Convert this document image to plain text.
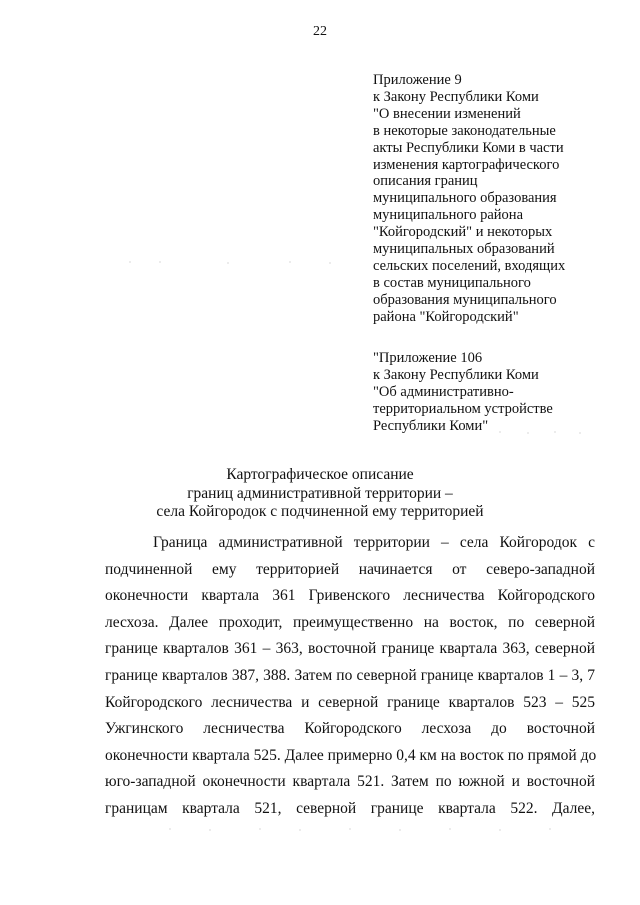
22
Приложение 9
к Закону Республики Коми
"О внесении изменений
в некоторые законодательные
акты Республики Коми в части
изменения картографического
описания границ
муниципального образования
муниципального района
"Койгородский" и некоторых
муниципальных образований
сельских поселений, входящих
в состав муниципального
образования муниципального
района "Койгородский"
"Приложение 106
к Закону Республики Коми
"Об административно-
территориальном устройстве
Республики Коми"
Картографическое описание
границ административной территории –
села Койгородок с подчиненной ему территорией
Граница административной территории – села Койгородок с
подчиненной ему территорией начинается от северо-западной
оконечности квартала 361 Гривенского лесничества Койгородского
лесхоза. Далее проходит, преимущественно на восток, по северной
границе кварталов 361 – 363, восточной границе квартала 363, северной
границе кварталов 387, 388. Затем по северной границе кварталов 1 – 3, 7
Койгородского лесничества и северной границе кварталов 523 – 525
Ужгинского лесничества Койгородского лесхоза до восточной
оконечности квартала 525. Далее примерно 0,4 км на восток по прямой до
юго-западной оконечности квартала 521. Затем по южной и восточной
границам квартала 521, северной границе квартала 522. Далее,
